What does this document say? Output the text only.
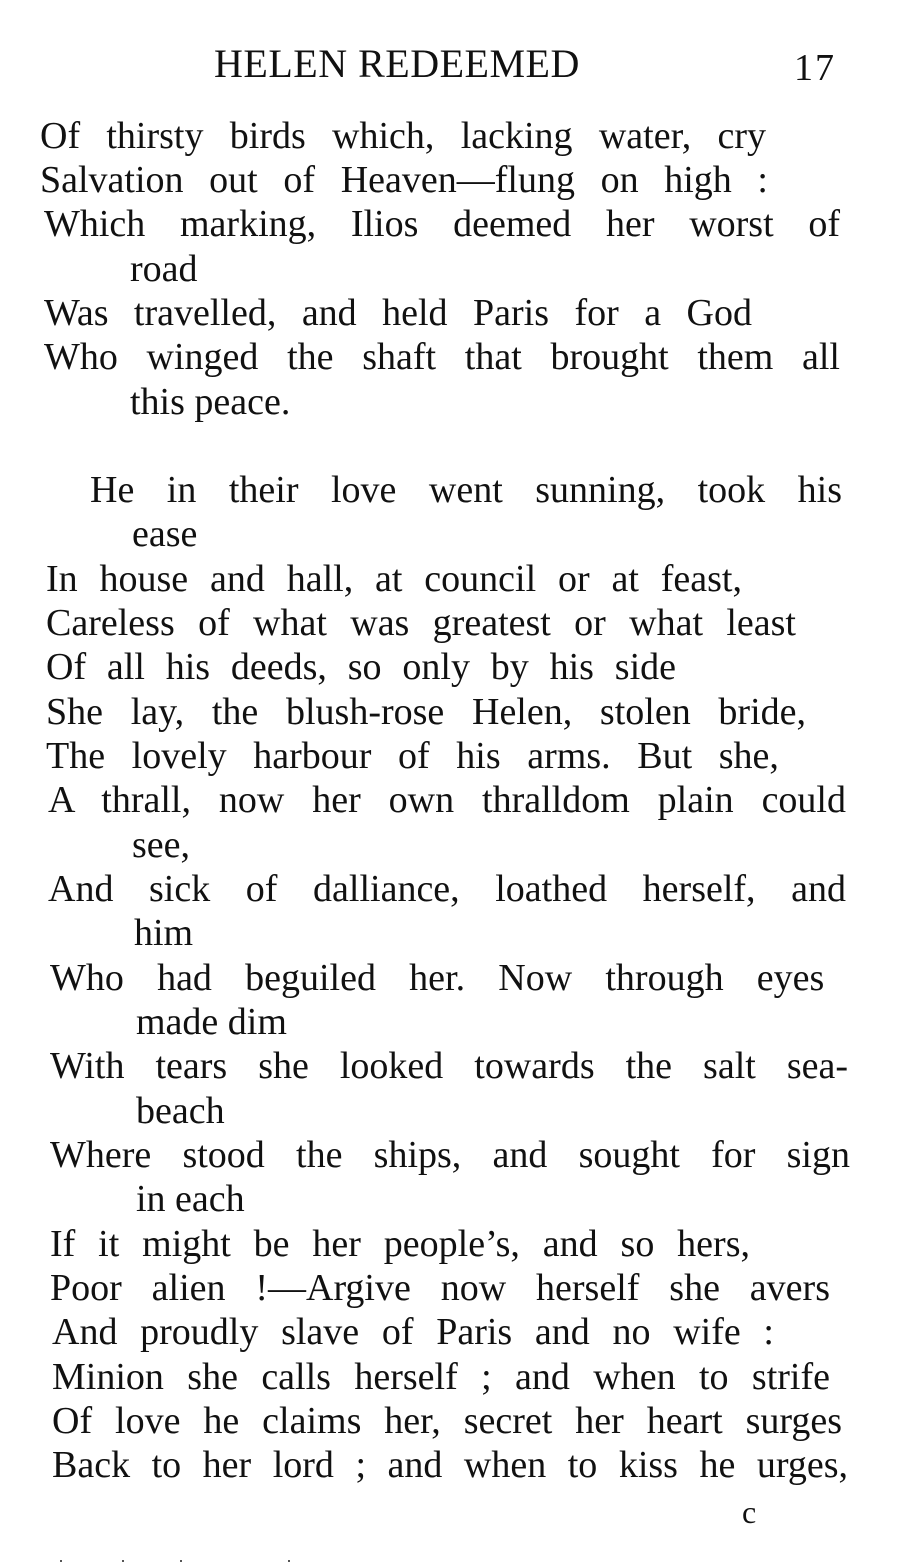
HELEN REDEEMED	17
Of thirsty birds which, lacking water, cry
Salvation out of Heaven—flung on high :
Which marking, Ilios deemed her worst of
road
Was travelled, and held Paris for a God
Who winged the shaft that brought them all
this peace.
He in their love went sunning, took his
ease
In house and hall, at council or at feast,
Careless of what was greatest or what least
Of all his deeds, so only by his side
She lay, the blush-rose Helen, stolen bride,
The lovely harbour of his arms. But she,
A thrall, now her own thralldom plain could
see,
And sick of dalliance, loathed herself, and
him
Who had beguiled her. Now through eyes
made dim
With tears she looked towards the salt sea-
beach
Where stood the ships, and sought for sign
in each
If it might be her people’s, and so hers,
Poor alien !—Argive now herself she avers
And proudly slave of Paris and no wife :
Minion she calls herself ; and when to strife
Of love he claims her, secret her heart surges
Back to her lord ; and when to kiss he urges,
c
